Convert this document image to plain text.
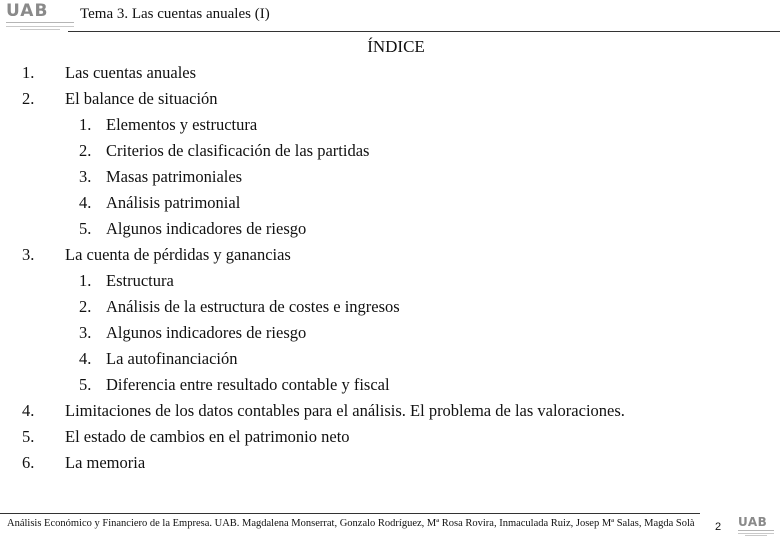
UAB	Tema 3. Las cuentas anuales (I)
ÍNDICE
1. Las cuentas anuales
2. El balance de situación
1. Elementos y estructura
2. Criterios de clasificación de las partidas
3. Masas patrimoniales
4. Análisis patrimonial
5. Algunos indicadores de riesgo
3. La cuenta de pérdidas y ganancias
1. Estructura
2. Análisis de la estructura de costes e ingresos
3. Algunos indicadores de riesgo
4. La autofinanciación
5. Diferencia entre resultado contable y fiscal
4. Limitaciones de los datos contables para el análisis. El problema de las valoraciones.
5. El estado de cambios en el patrimonio neto
6. La memoria
Análisis Económico y Financiero de la Empresa. UAB. Magdalena Monserrat, Gonzalo Rodríguez, Mª Rosa Rovira, Inmaculada Ruiz, Josep Mª Salas, Magda Solà 2 UAB
